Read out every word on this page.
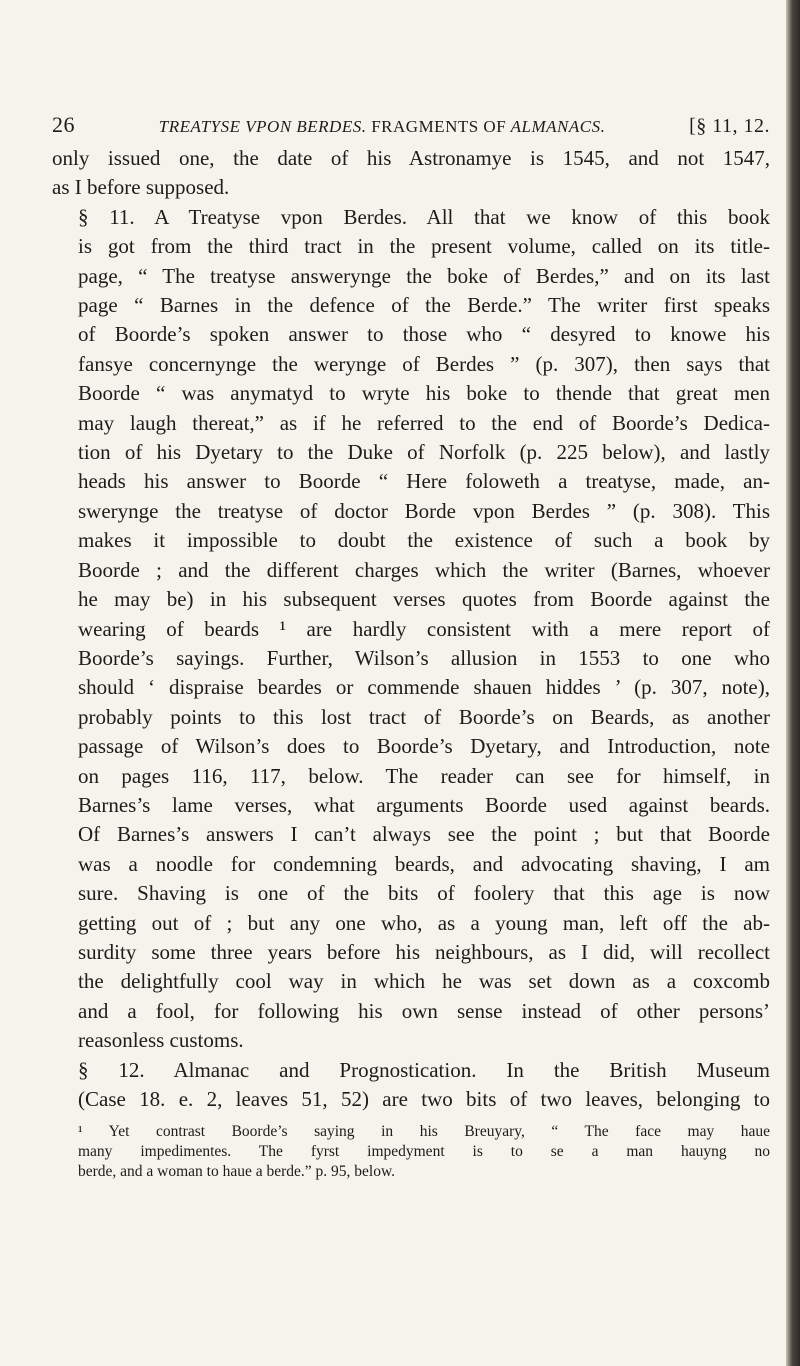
26	TREATYSE VPON BERDES. FRAGMENTS OF ALMANACS.	[§ 11, 12.

only issued one, the date of his Astronamye is 1545, and not 1547,
as I before supposed.

§ 11. A Treatyse vpon Berdes. All that we know of this book
is got from the third tract in the present volume, called on its title-
page, “ The treatyse answerynge the boke of Berdes,” and on its last
page “ Barnes in the defence of the Berde.” The writer first speaks
of Boorde’s spoken answer to those who “ desyred to knowe his
fansye concernynge the werynge of Berdes ” (p. 307), then says that
Boorde “ was anymatyd to wryte his boke to thende that great men
may laugh thereat,” as if he referred to the end of Boorde’s Dedica-
tion of his Dyetary to the Duke of Norfolk (p. 225 below), and lastly
heads his answer to Boorde “ Here foloweth a treatyse, made, an-
swerynge the treatyse of doctor Borde vpon Berdes ” (p. 308). This
makes it impossible to doubt the existence of such a book by
Boorde ; and the different charges which the writer (Barnes, whoever
he may be) in his subsequent verses quotes from Boorde against the
wearing of beards ¹ are hardly consistent with a mere report of
Boorde’s sayings. Further, Wilson’s allusion in 1553 to one who
should ‘ dispraise beardes or commende shauen hiddes ’ (p. 307, note),
probably points to this lost tract of Boorde’s on Beards, as another
passage of Wilson’s does to Boorde’s Dyetary, and Introduction, note
on pages 116, 117, below. The reader can see for himself, in
Barnes’s lame verses, what arguments Boorde used against beards.
Of Barnes’s answers I can’t always see the point ; but that Boorde
was a noodle for condemning beards, and advocating shaving, I am
sure. Shaving is one of the bits of foolery that this age is now
getting out of ; but any one who, as a young man, left off the ab-
surdity some three years before his neighbours, as I did, will recollect
the delightfully cool way in which he was set down as a coxcomb
and a fool, for following his own sense instead of other persons’
reasonless customs.

§ 12. Almanac and Prognostication. In the British Museum
(Case 18. e. 2, leaves 51, 52) are two bits of two leaves, belonging to

¹ Yet contrast Boorde’s saying in his Breuyary, “ The face may haue
many impedimentes. The fyrst impedyment is to se a man hauyng no
berde, and a woman to haue a berde.” p. 95, below.
